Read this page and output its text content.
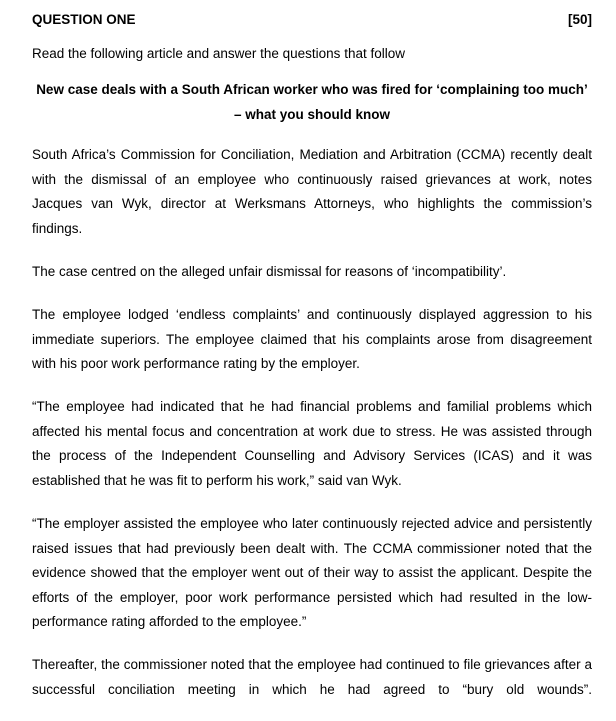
QUESTION ONE	[50]
Read the following article and answer the questions that follow
New case deals with a South African worker who was fired for ‘complaining too much’ – what you should know

South Africa’s Commission for Conciliation, Mediation and Arbitration (CCMA) recently dealt with the dismissal of an employee who continuously raised grievances at work, notes Jacques van Wyk, director at Werksmans Attorneys, who highlights the commission’s findings.

The case centred on the alleged unfair dismissal for reasons of ‘incompatibility’.

The employee lodged ‘endless complaints’ and continuously displayed aggression to his immediate superiors. The employee claimed that his complaints arose from disagreement with his poor work performance rating by the employer.

“The employee had indicated that he had financial problems and familial problems which affected his mental focus and concentration at work due to stress. He was assisted through the process of the Independent Counselling and Advisory Services (ICAS) and it was established that he was fit to perform his work,” said van Wyk.

“The employer assisted the employee who later continuously rejected advice and persistently raised issues that had previously been dealt with. The CCMA commissioner noted that the evidence showed that the employer went out of their way to assist the applicant. Despite the efforts of the employer, poor work performance persisted which had resulted in the low-performance rating afforded to the employee.”

Thereafter, the commissioner noted that the employee had continued to file grievances after a successful conciliation meeting in which he had agreed to “bury old wounds”.
